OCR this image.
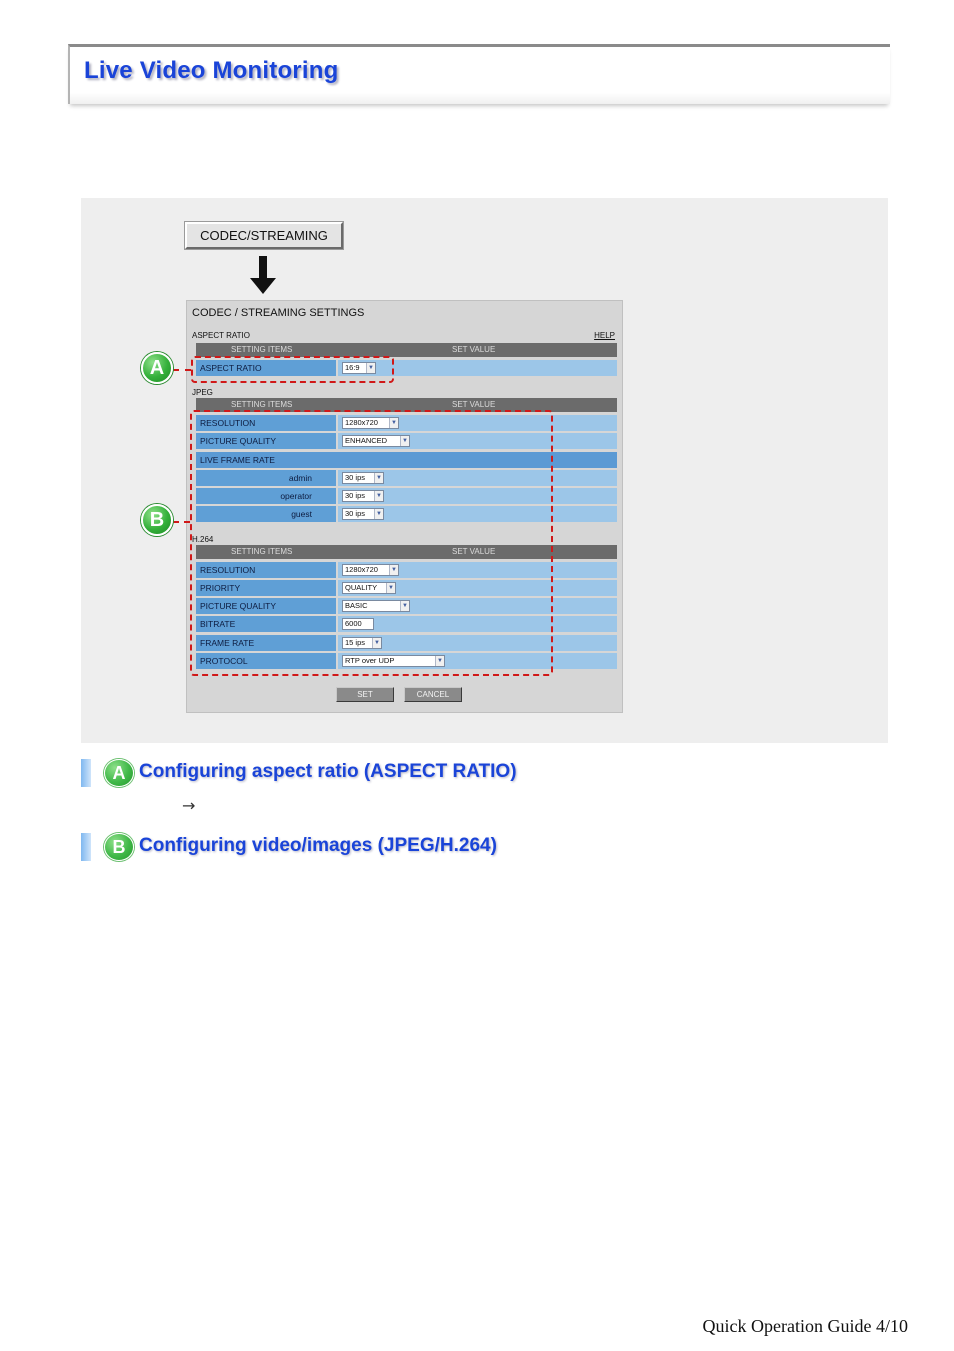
Live Video Monitoring
CODEC/STREAMING
CODEC / STREAMING SETTINGS
ASPECT RATIO	HELP
SETTING ITEMS	SET VALUE
ASPECT RATIO	16:9	▼
JPEG
SETTING ITEMS	SET VALUE
RESOLUTION	1280x720	▼
PICTURE QUALITY	ENHANCED	▼
LIVE FRAME RATE
admin	30 ips	▼
operator	30 ips	▼
guest	30 ips	▼
H.264
SETTING ITEMS	SET VALUE
RESOLUTION	1280x720	▼
PRIORITY	QUALITY	▼
PICTURE QUALITY	BASIC	▼
BITRATE	6000
FRAME RATE	15 ips	▼
PROTOCOL	RTP over UDP	▼
SET	CANCEL
A
B
A Configuring aspect ratio (ASPECT RATIO)
→
B Configuring video/images (JPEG/H.264)
Quick Operation Guide 4/10
